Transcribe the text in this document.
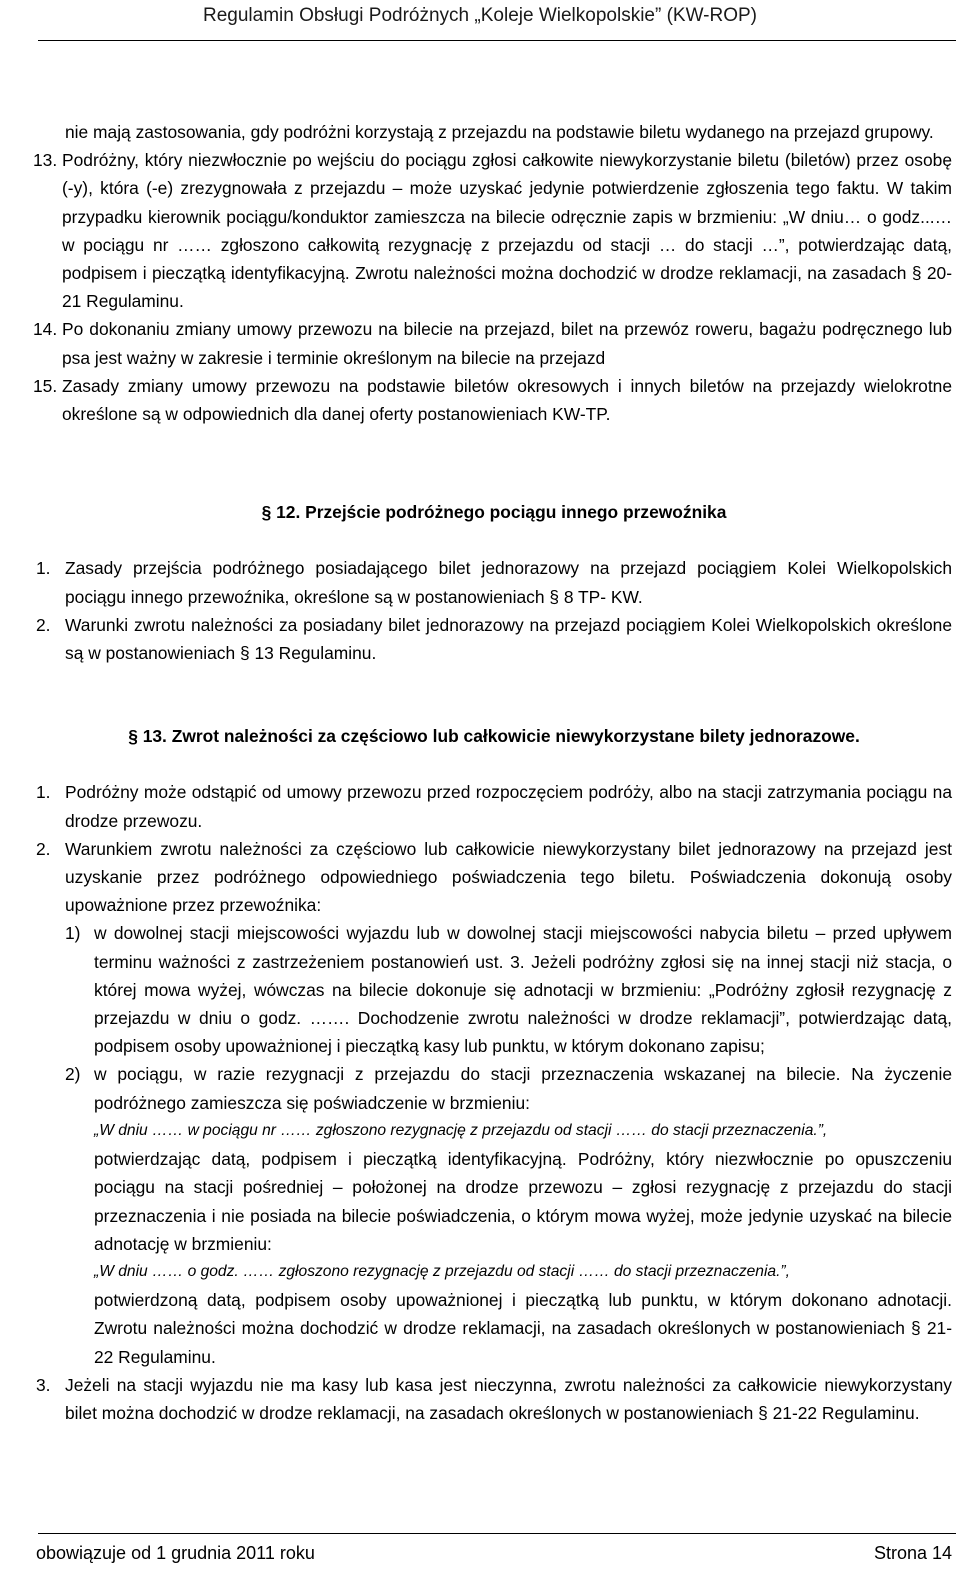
Regulamin Obsługi Podróżnych „Koleje Wielkopolskie” (KW-ROP)

nie mają zastosowania, gdy podróżni korzystają z przejazdu na podstawie biletu wydanego na przejazd grupowy.

13. Podróżny, który niezwłocznie po wejściu do pociągu zgłosi całkowite niewykorzystanie biletu (biletów) przez osobę (-y), która (-e) zrezygnowała z przejazdu – może uzyskać jedynie potwierdzenie zgłoszenia tego faktu. W takim przypadku kierownik pociągu/konduktor zamieszcza na bilecie odręcznie zapis w brzmieniu: „W dniu… o godz...… w pociągu nr …… zgłoszono całkowitą rezygnację z przejazdu od stacji … do stacji …”, potwierdzając datą, podpisem i pieczątką identyfikacyjną. Zwrotu należności można dochodzić w drodze reklamacji, na zasadach § 20-21 Regulaminu.
14. Po dokonaniu zmiany umowy przewozu na bilecie na przejazd, bilet na przewóz roweru, bagażu podręcznego lub psa jest ważny w zakresie i terminie określonym na bilecie na przejazd
15. Zasady zmiany umowy przewozu na podstawie biletów okresowych i innych biletów na przejazdy wielokrotne określone są w odpowiednich dla danej oferty postanowieniach KW-TP.

§ 12. Przejście podróżnego pociągu innego przewoźnika

1. Zasady przejścia podróżnego posiadającego bilet jednorazowy na przejazd pociągiem Kolei Wielkopolskich pociągu innego przewoźnika, określone są w postanowieniach § 8 TP- KW.
2. Warunki zwrotu należności za posiadany bilet jednorazowy na przejazd pociągiem Kolei Wielkopolskich określone są w postanowieniach § 13 Regulaminu.

§ 13. Zwrot należności za częściowo lub całkowicie niewykorzystane bilety jednorazowe.

1. Podróżny może odstąpić od umowy przewozu przed rozpoczęciem podróży, albo na stacji zatrzymania pociągu na drodze przewozu.
2. Warunkiem zwrotu należności za częściowo lub całkowicie niewykorzystany bilet jednorazowy na przejazd jest uzyskanie przez podróżnego odpowiedniego poświadczenia tego biletu. Poświadczenia dokonują osoby upoważnione przez przewoźnika:
1) w dowolnej stacji miejscowości wyjazdu lub w dowolnej stacji miejscowości nabycia biletu – przed upływem terminu ważności z zastrzeżeniem postanowień ust. 3. Jeżeli podróżny zgłosi się na innej stacji niż stacja, o której mowa wyżej, wówczas na bilecie dokonuje się adnotacji w brzmieniu: „Podróżny zgłosił rezygnację z przejazdu w dniu o godz. ……. Dochodzenie zwrotu należności w drodze reklamacji”, potwierdzając datą, podpisem osoby upoważnionej i pieczątką kasy lub punktu, w którym dokonano zapisu;
2) w pociągu, w razie rezygnacji z przejazdu do stacji przeznaczenia wskazanej na bilecie. Na życzenie podróżnego zamieszcza się poświadczenie w brzmieniu:
„W dniu …… w pociągu nr …… zgłoszono rezygnację z przejazdu od stacji …… do stacji przeznaczenia.”,
potwierdzając datą, podpisem i pieczątką identyfikacyjną. Podróżny, który niezwłocznie po opuszczeniu pociągu na stacji pośredniej – położonej na drodze przewozu – zgłosi rezygnację z przejazdu do stacji przeznaczenia i nie posiada na bilecie poświadczenia, o którym mowa wyżej, może jedynie uzyskać na bilecie adnotację w brzmieniu:
„W dniu …… o godz. …… zgłoszono rezygnację z przejazdu od stacji …… do stacji przeznaczenia.”,
potwierdzoną datą, podpisem osoby upoważnionej i pieczątką lub punktu, w którym dokonano adnotacji. Zwrotu należności można dochodzić w drodze reklamacji, na zasadach określonych w postanowieniach § 21-22 Regulaminu.
3. Jeżeli na stacji wyjazdu nie ma kasy lub kasa jest nieczynna, zwrotu należności za całkowicie niewykorzystany bilet można dochodzić w drodze reklamacji, na zasadach określonych w postanowieniach § 21-22 Regulaminu.
obowiązuje od 1 grudnia 2011 roku	Strona 14
